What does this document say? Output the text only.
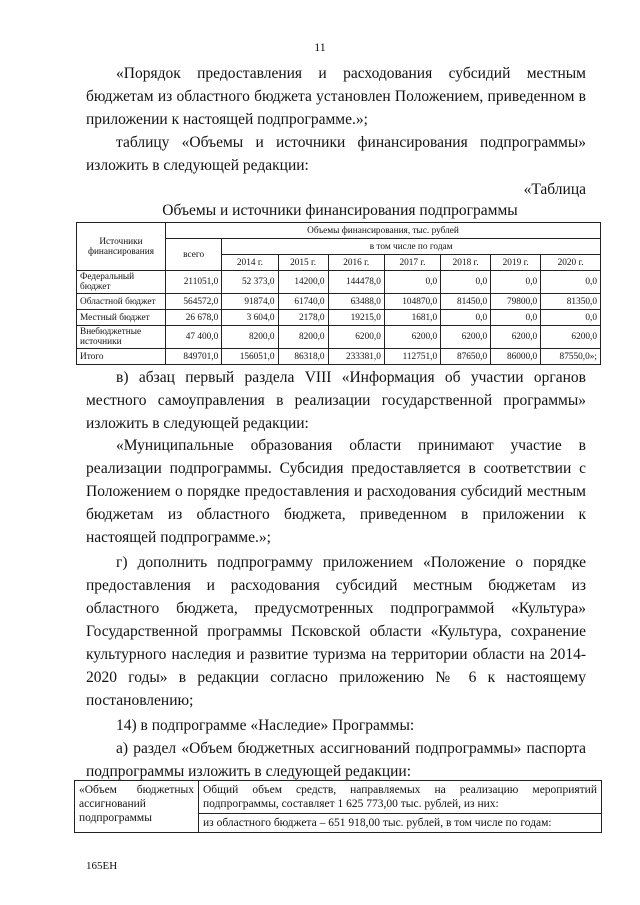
11
«Порядок предоставления и расходования субсидий местным бюджетам из областного бюджета установлен Положением, приведенном в приложении к настоящей подпрограмме.»;
таблицу «Объемы и источники финансирования подпрограммы» изложить в следующей редакции:
«Таблица
Объемы и источники финансирования подпрограммы
Источники финансирования	Объемы финансирования, тыс. рублей							
	всего	в том числе по годам						
		2014 г.	2015 г.	2016 г.	2017 г.	2018 г.	2019 г.	2020 г.
Федеральный бюджет	211051,0	52 373,0	14200,0	144478,0	0,0	0,0	0,0	0,0
Областной бюджет	564572,0	91874,0	61740,0	63488,0	104870,0	81450,0	79800,0	81350,0
Местный бюджет	26 678,0	3 604,0	2178,0	19215,0	1681,0	0,0	0,0	0,0
Внебюджетные источники	47 400,0	8200,0	8200,0	6200,0	6200,0	6200,0	6200,0	6200,0
Итого	849701,0	156051,0	86318,0	233381,0	112751,0	87650,0	86000,0	87550,0»;
в) абзац первый раздела VIII «Информация об участии органов местного самоуправления в реализации государственной программы» изложить в следующей редакции:
«Муниципальные образования области принимают участие в реализации подпрограммы. Субсидия предоставляется в соответствии с Положением о порядке предоставления и расходования субсидий местным бюджетам из областного бюджета, приведенном в приложении к настоящей подпрограмме.»;
г) дополнить подпрограмму приложением «Положение о порядке предоставления и расходования субсидий местным бюджетам из областного бюджета, предусмотренных подпрограммой «Культура» Государственной программы Псковской области «Культура, сохранение культурного наследия и развитие туризма на территории области на 2014-2020 годы» в редакции согласно приложению № 6 к настоящему постановлению;
14) в подпрограмме «Наследие» Программы:
а) раздел «Объем бюджетных ассигнований подпрограммы» паспорта подпрограммы изложить в следующей редакции:
«Объем бюджетных ассигнований подпрограммы	Общий объем средств, направляемых на реализацию мероприятий подпрограммы, составляет 1 625 773,00 тыс. рублей, из них:
из областного бюджета – 651 918,00 тыс. рублей, в том числе по годам:
165ЕН
